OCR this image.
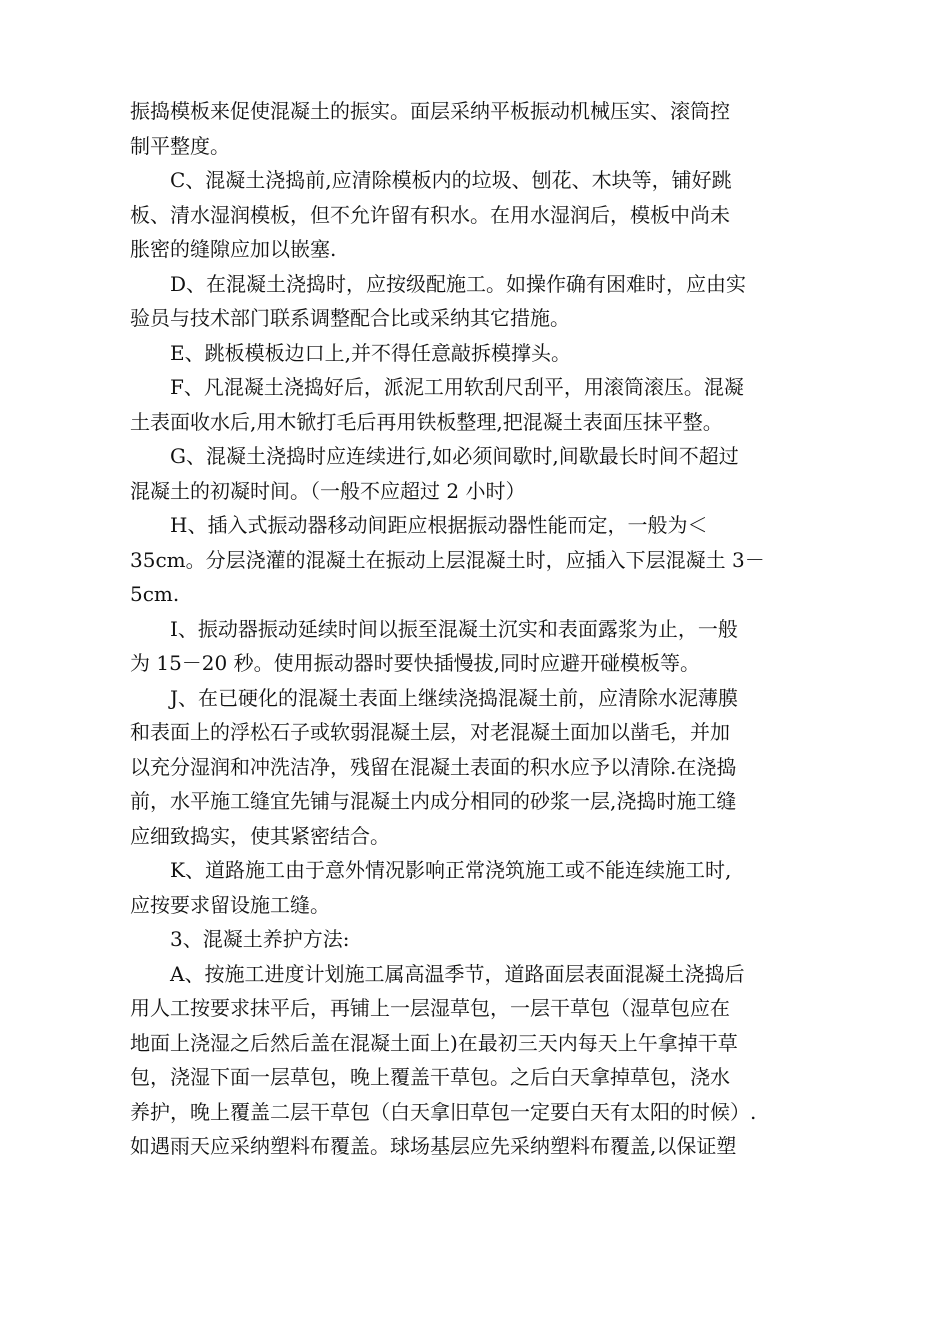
振捣模板来促使混凝土的振实。面层采纳平板振动机械压实、滚筒控
制平整度。
C、混凝土浇捣前,应清除模板内的垃圾、刨花、木块等，铺好跳
板、清水湿润模板，但不允许留有积水。在用水湿润后，模板中尚未
胀密的缝隙应加以嵌塞.
D、在混凝土浇捣时，应按级配施工。如操作确有困难时，应由实
验员与技术部门联系调整配合比或采纳其它措施。
E、跳板模板边口上,并不得任意敲拆模撑头。
F、凡混凝土浇捣好后，派泥工用软刮尺刮平，用滚筒滚压。混凝
土表面收水后,用木锨打毛后再用铁板整理,把混凝土表面压抹平整。
G、混凝土浇捣时应连续进行,如必须间歇时,间歇最长时间不超过
混凝土的初凝时间。（一般不应超过 2 小时）
H、插入式振动器移动间距应根据振动器性能而定，一般为＜
35cm。分层浇灌的混凝土在振动上层混凝土时，应插入下层混凝土 3－
5cm.
I、振动器振动延续时间以振至混凝土沉实和表面露浆为止，一般
为 15－20 秒。使用振动器时要快插慢拔,同时应避开碰模板等。
J、在已硬化的混凝土表面上继续浇捣混凝土前，应清除水泥薄膜
和表面上的浮松石子或软弱混凝土层，对老混凝土面加以凿毛，并加
以充分湿润和冲洗洁净，残留在混凝土表面的积水应予以清除.在浇捣
前，水平施工缝宜先铺与混凝土内成分相同的砂浆一层,浇捣时施工缝
应细致捣实，使其紧密结合。
K、道路施工由于意外情况影响正常浇筑施工或不能连续施工时,
应按要求留设施工缝。
3、混凝土养护方法:
A、按施工进度计划施工属高温季节，道路面层表面混凝土浇捣后
用人工按要求抹平后，再铺上一层湿草包，一层干草包（湿草包应在
地面上浇湿之后然后盖在混凝土面上)在最初三天内每天上午拿掉干草
包，浇湿下面一层草包，晚上覆盖干草包。之后白天拿掉草包，浇水
养护，晚上覆盖二层干草包（白天拿旧草包一定要白天有太阳的时候）.
如遇雨天应采纳塑料布覆盖。球场基层应先采纳塑料布覆盖,以保证塑
